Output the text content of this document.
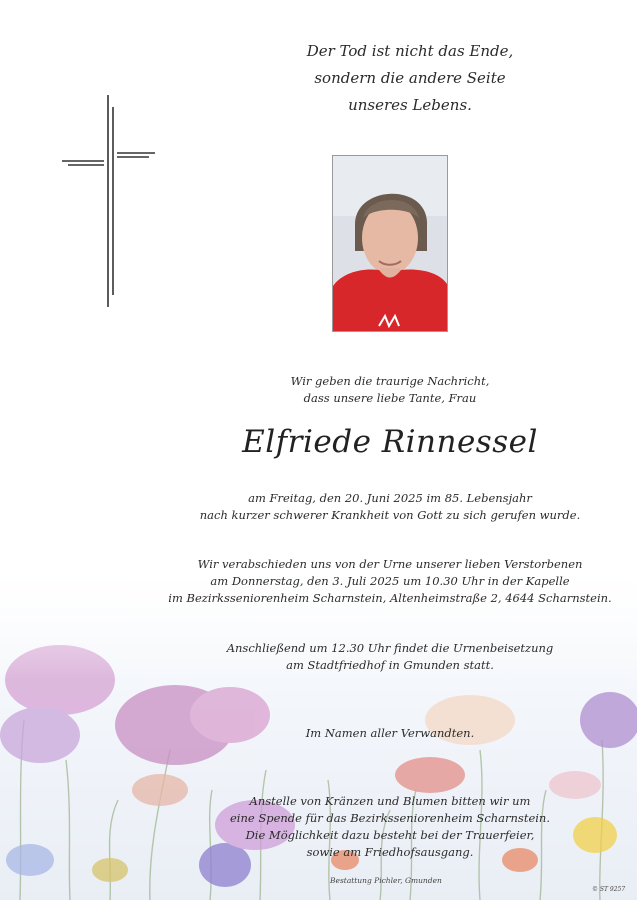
Der Tod ist nicht das Ende,
sondern die andere Seite
unseres Lebens.
Wir geben die traurige Nachricht,
dass unsere liebe Tante, Frau
Elfriede Rinnessel
am Freitag, den 20. Juni 2025 im 85. Lebensjahr
nach kurzer schwerer Krankheit von Gott zu sich gerufen wurde.
Wir verabschieden uns von der Urne unserer lieben Verstorbenen
am Donnerstag, den 3. Juli 2025 um 10.30 Uhr in der Kapelle
im Bezirksseniorenheim Scharnstein, Altenheimstraße 2, 4644 Scharnstein.
Anschließend um 12.30 Uhr findet die Urnenbeisetzung
am Stadtfriedhof in Gmunden statt.
Im Namen aller Verwandten.
Anstelle von Kränzen und Blumen bitten wir um
eine Spende für das Bezirksseniorenheim Scharnstein.
Die Möglichkeit dazu besteht bei der Trauerfeier,
sowie am Friedhofsausgang.
Bestattung Pichler, Gmunden
© ST 9257
